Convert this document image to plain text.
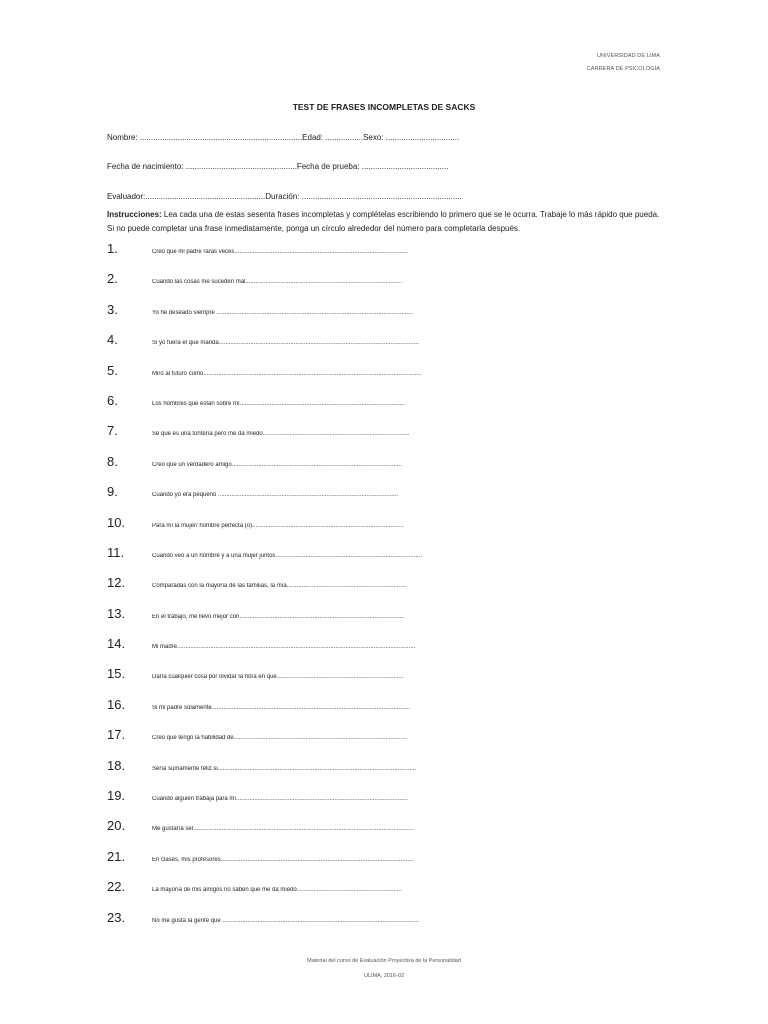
UNIVERSIDAD DE LIMA
CARRERA DE PSICOLOGÍA
TEST DE FRASES INCOMPLETAS DE SACKS
Nombre: .........................................................................Edad: .................Sexo: .................................
Fecha de nacimiento: ..................................................Fecha de prueba: .......................................
Evaluador:......................................................Duración: ........................................................................
Instrucciones: Lea cada una de estas sesenta frases incompletas y complételas escribiendo lo primero que se le ocurra. Trabaje lo más rápido que pueda. Si no puede completar una frase inmediatamente, ponga un círculo alrededor del número para completarla después.
1.	Creo que mi padre raras veces........................................................................................................
2.	Cuando las cosas me suceden mal..............................................................................................
3.	Yo he deseado siempre ......................................................................................................................
4.	Si yo fuera el que manda........................................................................................................................
5.	Miro al futuro como...................................................................................................................................
6.	Los hombres que están sobre mí...................................................................................................
7.	Sé que es una tontería pero me da miedo........................................................................................
8.	Creo que un verdadero amigo......................................................................................................
9.	Cuando yo era pequeño ............................................................................................................
10.	Para mí la mujer/ hombre perfecta (o)...........................................................................................
11.	Cuando veo a un hombre y a una mujer juntos........................................................................................
12.	Comparadas con la mayoría de las familias, la mía........................................................................
13.	En el trabajo, me llevo mejor con...................................................................................................
14.	Mi madre...............................................................................................................................................
15.	Daría cualquier cosa por olvidar la hora en que............................................................................
16.	Si mi padre solamente.......................................................................................................................
17.	Creo que tengo la habilidad de........................................................................................................
18.	Sería sumamente feliz si.......................................................................................................................
19.	Cuando alguien trabaja para mí.......................................................................................................
20.	Me gustaría ser....................................................................................................................................
21.	En clases, mis profesores....................................................................................................................
22.	La mayoría de mis amigos no saben que me da miedo...............................................................
23.	No me gusta la gente que ......................................................................................................................
Material del curso de Evaluación Proyectiva de la Personalidad
ULIMA, 2016-02
